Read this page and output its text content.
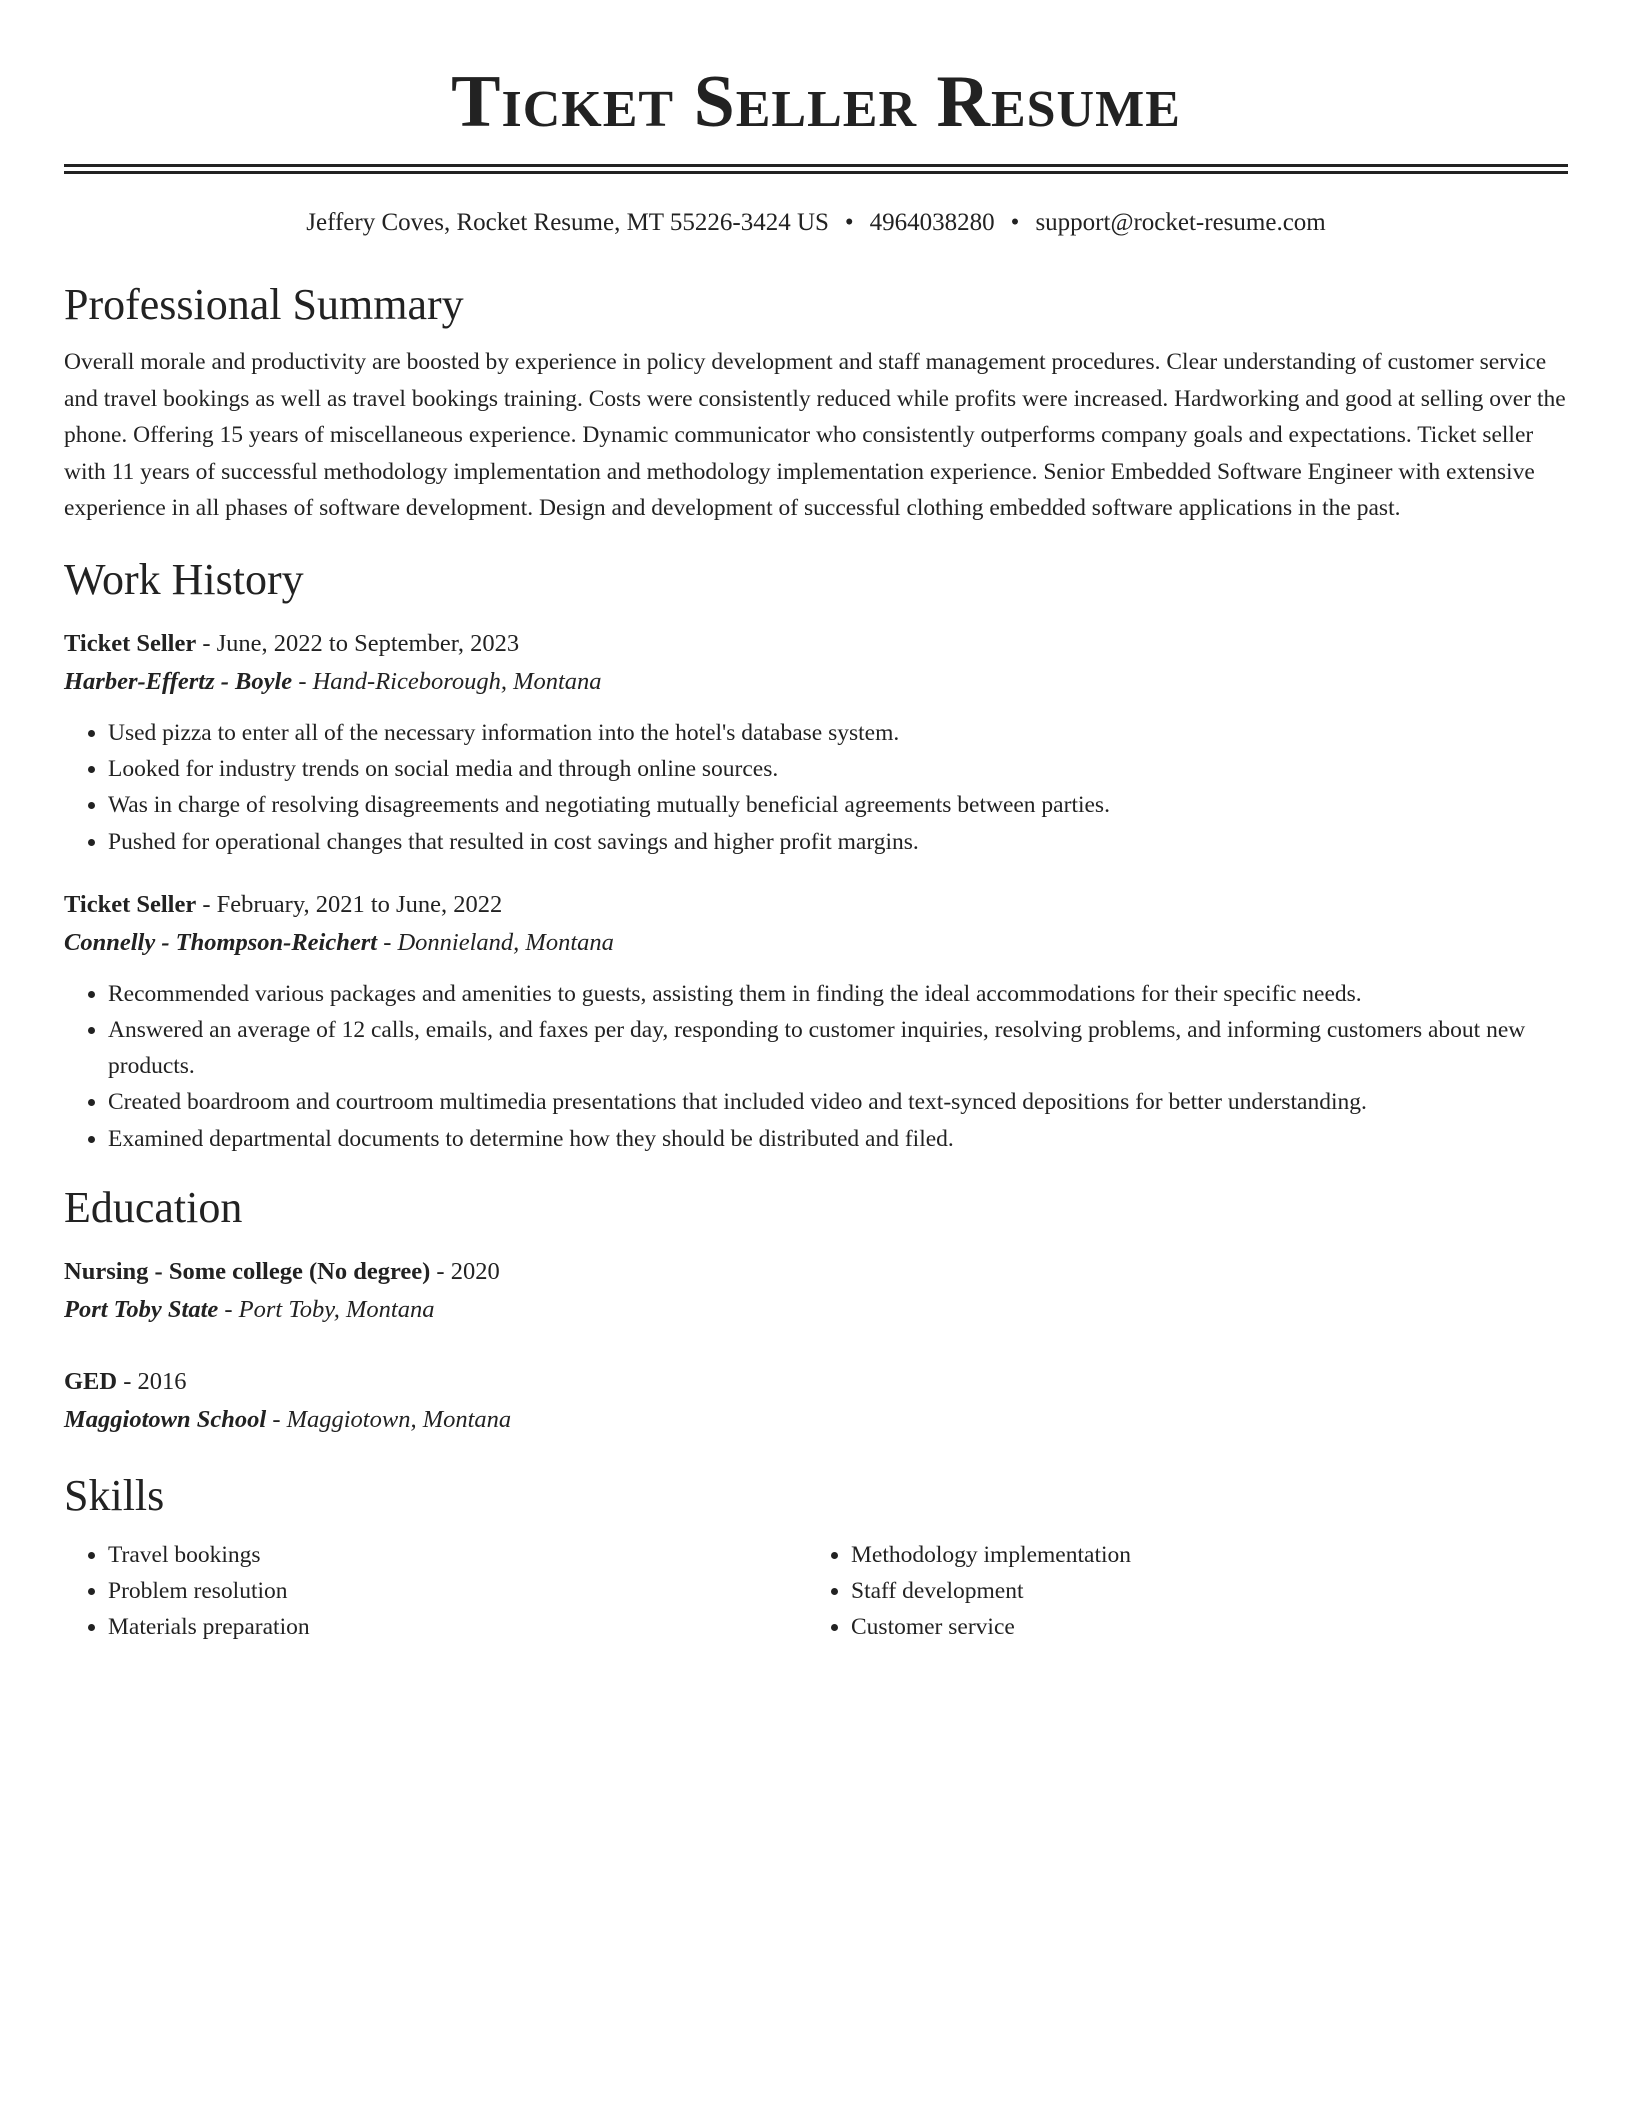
Ticket Seller Resume
Jeffery Coves, Rocket Resume, MT 55226-3424 US • 4964038280 • support@rocket-resume.com
Professional Summary

Overall morale and productivity are boosted by experience in policy development and staff management procedures. Clear understanding of customer service and travel bookings as well as travel bookings training. Costs were consistently reduced while profits were increased. Hardworking and good at selling over the phone. Offering 15 years of miscellaneous experience. Dynamic communicator who consistently outperforms company goals and expectations. Ticket seller with 11 years of successful methodology implementation and methodology implementation experience. Senior Embedded Software Engineer with extensive experience in all phases of software development. Design and development of successful clothing embedded software applications in the past.

Work History
Ticket Seller - June, 2022 to September, 2023
Harber-Effertz - Boyle - Hand-Riceborough, Montana
• Used pizza to enter all of the necessary information into the hotel's database system.
• Looked for industry trends on social media and through online sources.
• Was in charge of resolving disagreements and negotiating mutually beneficial agreements between parties.
• Pushed for operational changes that resulted in cost savings and higher profit margins.
Ticket Seller - February, 2021 to June, 2022
Connelly - Thompson-Reichert - Donnieland, Montana
• Recommended various packages and amenities to guests, assisting them in finding the ideal accommodations for their specific needs.
• Answered an average of 12 calls, emails, and faxes per day, responding to customer inquiries, resolving problems, and informing customers about new products.
• Created boardroom and courtroom multimedia presentations that included video and text-synced depositions for better understanding.
• Examined departmental documents to determine how they should be distributed and filed.
Education
Nursing - Some college (No degree) - 2020
Port Toby State - Port Toby, Montana
GED - 2016
Maggiotown School - Maggiotown, Montana
Skills
• Travel bookings
• Problem resolution
• Materials preparation
• Methodology implementation
• Staff development
• Customer service
